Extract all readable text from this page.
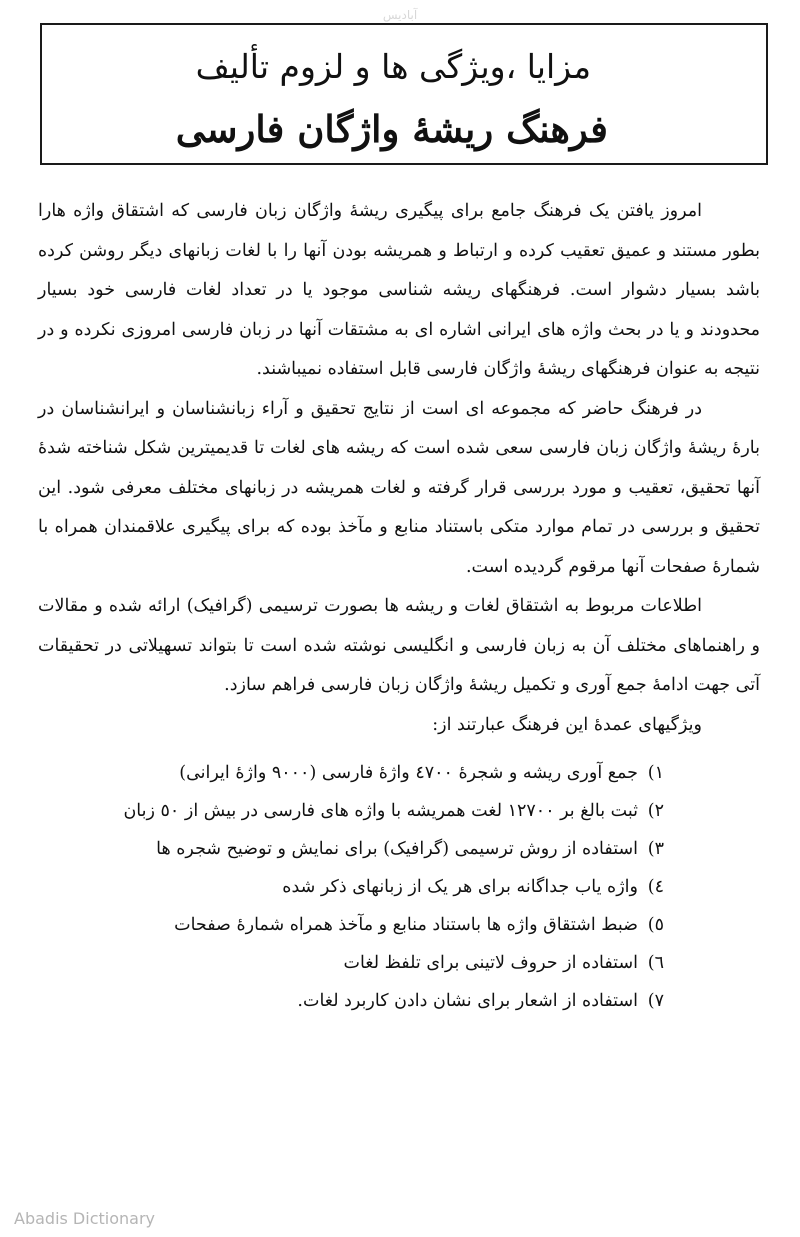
آبادیس
مزایا ،ویژگی ها و لزوم تألیف
فرهنگ ریشهٔ واژگان فارسی

امروز یافتن یک فرهنگ جامع برای پیگیری ریشهٔ واژگان زبان فارسی که اشتقاق واژه هارا بطور مستند و عمیق تعقیب کرده و ارتباط و همریشه بودن آنها را با لغات زبانهای دیگر روشن کرده باشد بسیار دشوار است. فرهنگهای ریشه شناسی موجود یا در تعداد لغات فارسی خود بسیار محدودند و یا در بحث واژه های ایرانی اشاره ای به مشتقات آنها در زبان فارسی امروزی نکرده و در نتیجه به عنوان فرهنگهای ریشهٔ واژگان فارسی قابل استفاده نمیباشند.

در فرهنگ حاضر که مجموعه ای است از نتایج تحقیق و آراء زبانشناسان و ایرانشناسان در بارهٔ ریشهٔ واژگان زبان فارسی سعی شده است که ریشه های لغات تا قدیمیترین شکل شناخته شدهٔ آنها تحقیق، تعقیب و مورد بررسی قرار گرفته و لغات همریشه در زبانهای مختلف معرفی شود. این تحقیق و بررسی در تمام موارد متکی باستناد منابع و مآخذ بوده که برای پیگیری علاقمندان همراه با شمارهٔ صفحات آنها مرقوم گردیده است.

اطلاعات مربوط به اشتقاق لغات و ریشه ها بصورت ترسیمی (گرافیک) ارائه شده و مقالات و راهنماهای مختلف آن به زبان فارسی و انگلیسی نوشته شده است تا بتواند تسهیلاتی در تحقیقات آتی جهت ادامهٔ جمع آوری و تکمیل ریشهٔ واژگان زبان فارسی فراهم سازد.

ویژگیهای عمدهٔ این فرهنگ عبارتند از:

۱)
جمع آوری ریشه و شجرهٔ ٤٧٠٠ واژهٔ فارسی (٩٠٠٠ واژهٔ ایرانی)
۲)
ثبت بالغ بر ۱۲٧٠٠ لغت همریشه با واژه های فارسی در بیش از ٥٠ زبان
۳)
استفاده از روش ترسیمی (گرافیک) برای نمایش و توضیح شجره ها
٤)
واژه یاب جداگانه برای هر یک از زبانهای ذکر شده
٥)
ضبط اشتقاق واژه ها باستناد منابع و مآخذ همراه شمارهٔ صفحات
٦)
استفاده از حروف لاتینی برای تلفظ لغات
٧)
استفاده از اشعار برای نشان دادن کاربرد لغات.
Abadis Dictionary
